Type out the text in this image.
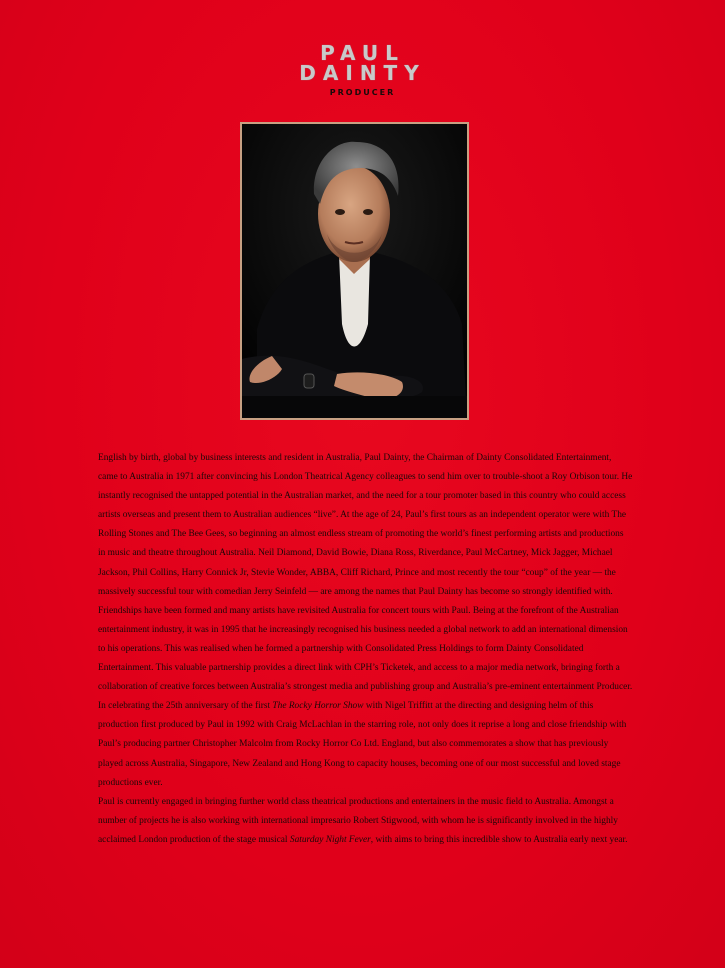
PAUL
DAINTY
PRODUCER

English by birth, global by business interests and resident in Australia, Paul Dainty, the Chairman of Dainty Consolidated Entertainment, came to Australia in 1971 after convincing his London Theatrical Agency colleagues to send him over to trouble-shoot a Roy Orbison tour. He instantly recognised the untapped potential in the Australian market, and the need for a tour promoter based in this country who could access artists overseas and present them to Australian audiences “live”. At the age of 24, Paul’s first tours as an independent operator were with The Rolling Stones and The Bee Gees, so beginning an almost endless stream of promoting the world’s finest performing artists and productions in music and theatre throughout Australia. Neil Diamond, David Bowie, Diana Ross, Riverdance, Paul McCartney, Mick Jagger, Michael Jackson, Phil Collins, Harry Connick Jr, Stevie Wonder, ABBA, Cliff Richard, Prince and most recently the tour “coup” of the year — the massively successful tour with comedian Jerry Seinfeld — are among the names that Paul Dainty has become so strongly identified with.

Friendships have been formed and many artists have revisited Australia for concert tours with Paul. Being at the forefront of the Australian entertainment industry, it was in 1995 that he increasingly recognised his business needed a global network to add an international dimension to his operations. This was realised when he formed a partnership with Consolidated Press Holdings to form Dainty Consolidated Entertainment. This valuable partnership provides a direct link with CPH’s Ticketek, and access to a major media network, bringing forth a collaboration of creative forces between Australia’s strongest media and publishing group and Australia’s pre-eminent entertainment Producer.

In celebrating the 25th anniversary of the first The Rocky Horror Show with Nigel Triffitt at the directing and designing helm of this production first produced by Paul in 1992 with Craig McLachlan in the starring role, not only does it reprise a long and close friendship with Paul’s producing partner Christopher Malcolm from Rocky Horror Co Ltd. England, but also commemorates a show that has previously played across Australia, Singapore, New Zealand and Hong Kong to capacity houses, becoming one of our most successful and loved stage productions ever.

Paul is currently engaged in bringing further world class theatrical productions and entertainers in the music field to Australia. Amongst a number of projects he is also working with international impresario Robert Stigwood, with whom he is significantly involved in the highly acclaimed London production of the stage musical Saturday Night Fever, with aims to bring this incredible show to Australia early next year.
